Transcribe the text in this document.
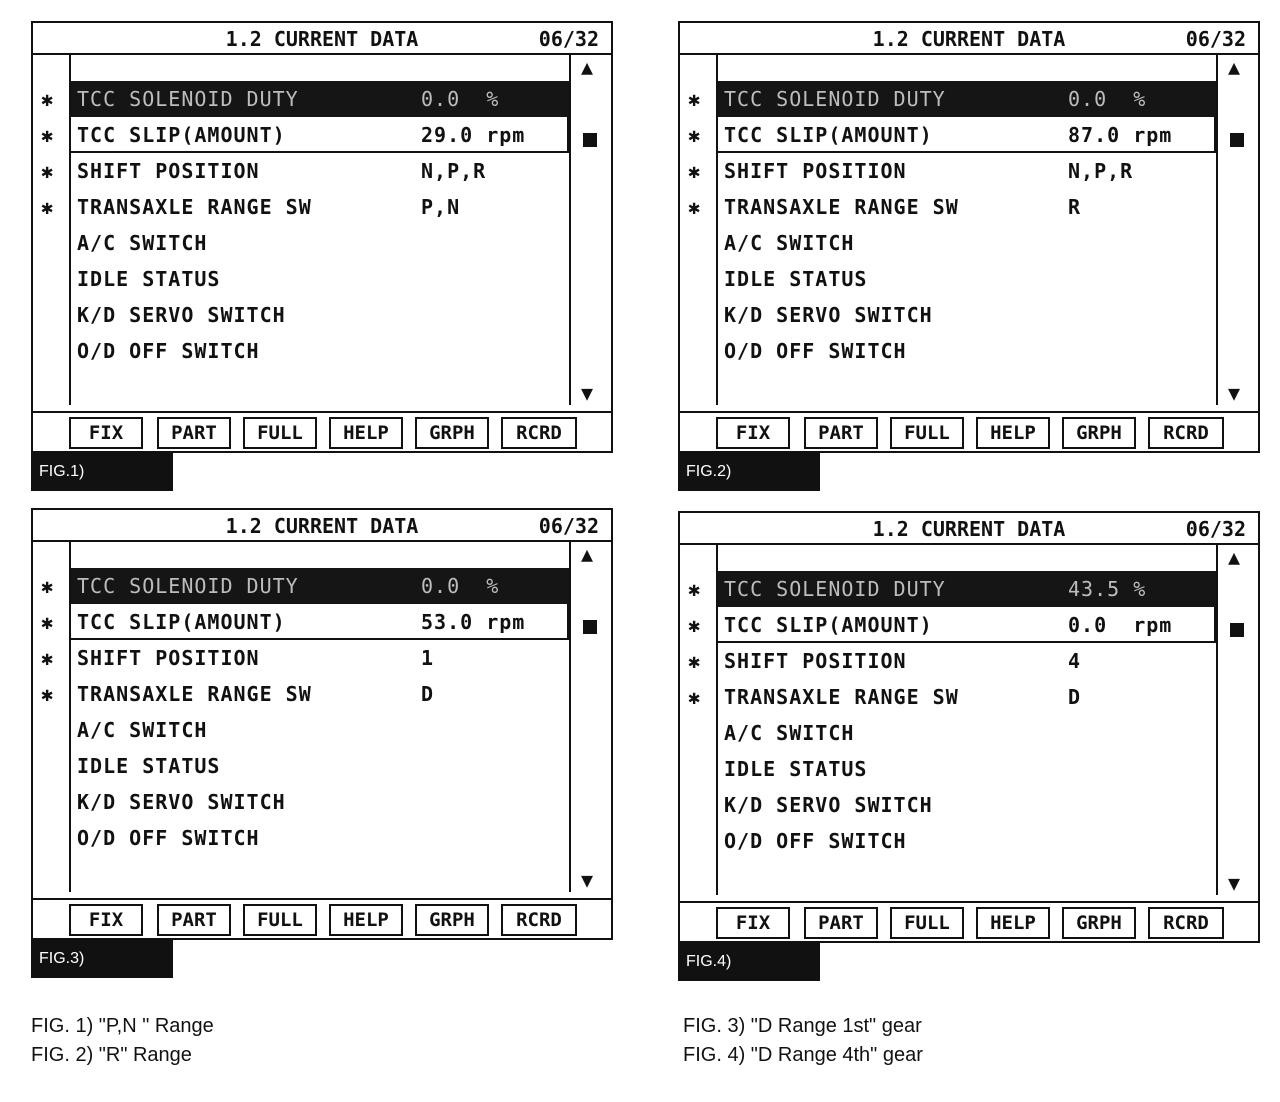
1.2 CURRENT DATA	06/32
▲
▼
✱ TCC SOLENOID DUTY	0.0  %
✱ TCC SLIP(AMOUNT)	29.0 rpm
✱ SHIFT POSITION	N,P,R
✱ TRANSAXLE RANGE SW	P,N
A/C SWITCH
IDLE STATUS
K/D SERVO SWITCH
O/D OFF SWITCH
FIX	PART	FULL	HELP	GRPH	RCRD
FIG.1)
1.2 CURRENT DATA	06/32
▲
▼
✱ TCC SOLENOID DUTY	0.0  %
✱ TCC SLIP(AMOUNT)	87.0 rpm
✱ SHIFT POSITION	N,P,R
✱ TRANSAXLE RANGE SW	R
A/C SWITCH
IDLE STATUS
K/D SERVO SWITCH
O/D OFF SWITCH
FIX	PART	FULL	HELP	GRPH	RCRD
FIG.2)
1.2 CURRENT DATA	06/32
▲
▼
✱ TCC SOLENOID DUTY	0.0  %
✱ TCC SLIP(AMOUNT)	53.0 rpm
✱ SHIFT POSITION	1
✱ TRANSAXLE RANGE SW	D
A/C SWITCH
IDLE STATUS
K/D SERVO SWITCH
O/D OFF SWITCH
FIX	PART	FULL	HELP	GRPH	RCRD
FIG.3)
1.2 CURRENT DATA	06/32
▲
▼
✱ TCC SOLENOID DUTY	43.5 %
✱ TCC SLIP(AMOUNT)	0.0  rpm
✱ SHIFT POSITION	4
✱ TRANSAXLE RANGE SW	D
A/C SWITCH
IDLE STATUS
K/D SERVO SWITCH
O/D OFF SWITCH
FIX	PART	FULL	HELP	GRPH	RCRD
FIG.4)
FIG. 1) "P,N " Range
FIG. 2) "R" Range
FIG. 3) "D Range 1st" gear
FIG. 4) "D Range 4th" gear
